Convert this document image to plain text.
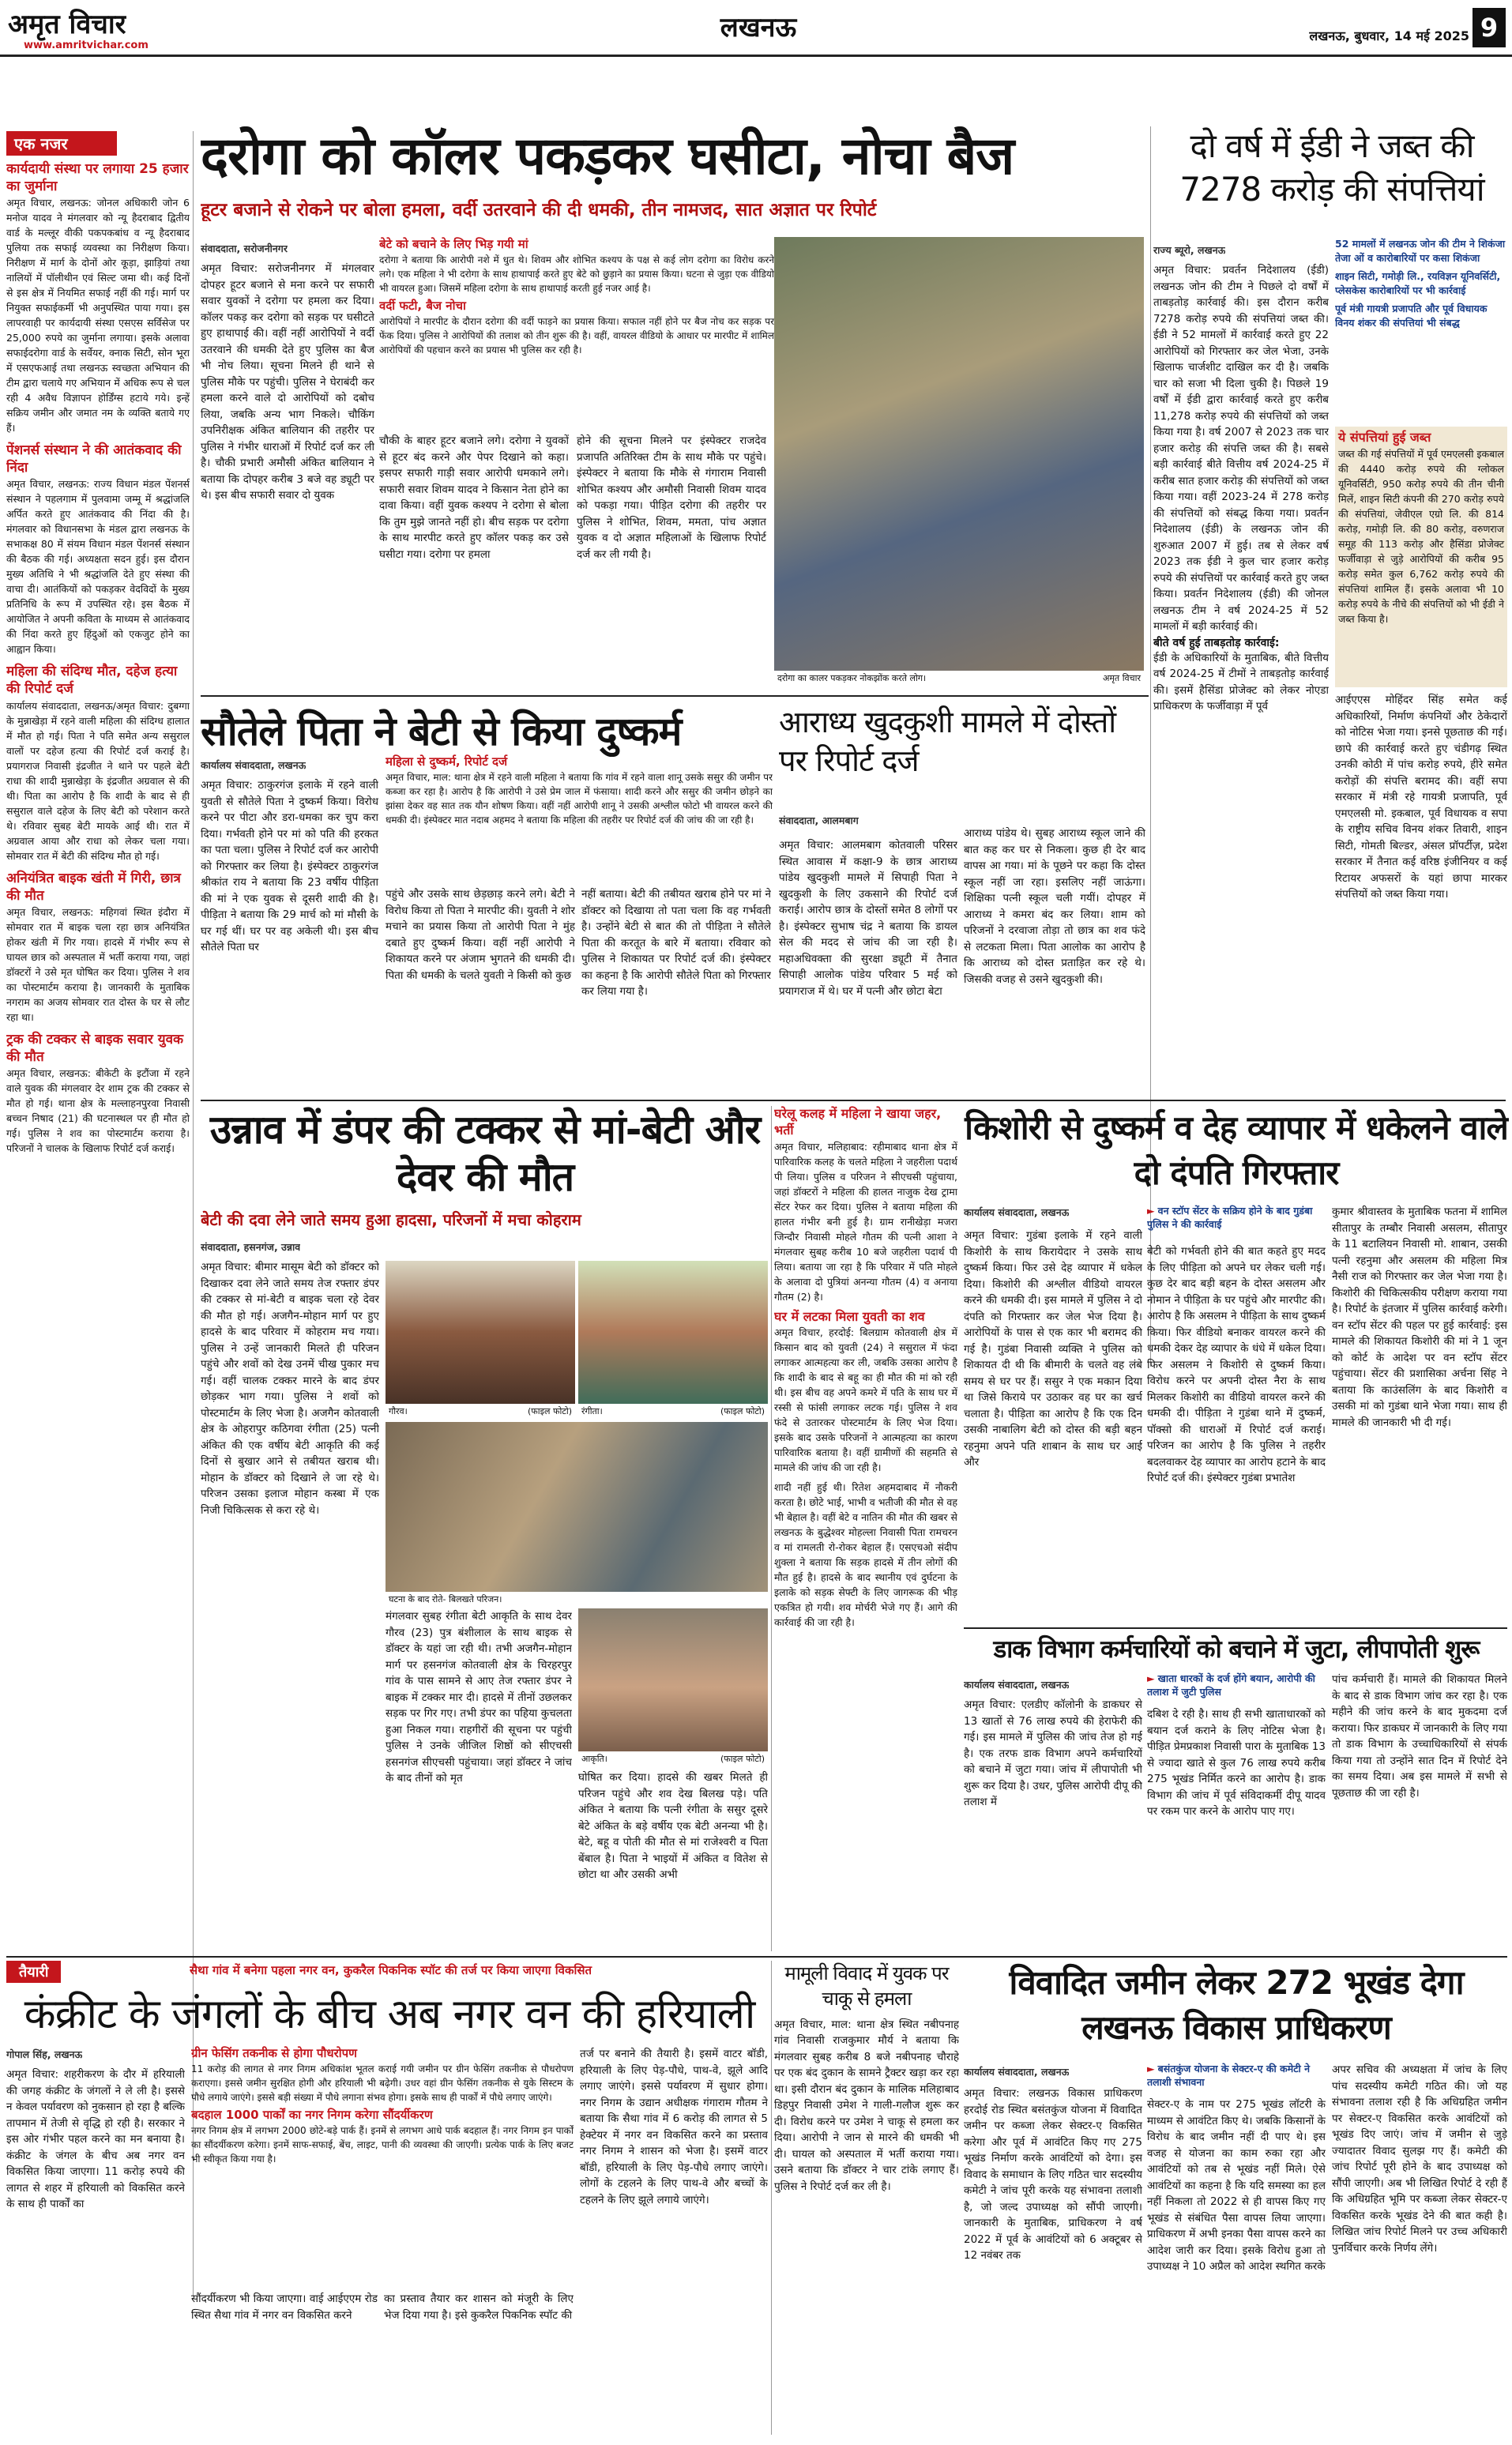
अमृत विचार
www.amritvichar.com
लखनऊ	लखनऊ, बुधवार, 14 मई 2025 9
एक नजर
कार्यदायी संस्था पर लगाया 25 हजार का जुर्माना
अमृत विचार, लखनऊ: जोनल अधिकारी जोन 6 मनोज यादव ने मंगलवार को न्यू हैदराबाद द्वितीय वार्ड के मल्लूर वीकी पकपकबांध व न्यू हैदराबाद पुलिया तक सफाई व्यवस्था का निरीक्षण किया। निरीक्षण में मार्ग के दोनों ओर कूड़ा, झाड़ियां तथा नालियों में पॉलीथीन एवं सिल्ट जमा थी। कई दिनों से इस क्षेत्र में नियमित सफाई नहीं की गई। मार्ग पर नियुक्त सफाईकर्मी भी अनुपस्थित पाया गया। इस लापरवाही पर कार्यदायी संस्था एसएस सर्विसेज पर 25,000 रुपये का जुर्माना लगाया। इसके अलावा सफाईदरोगा वार्ड के सर्वेयर, क्नाक सिटी, सोन भूरा में एसएफआई तथा लखनऊ स्वच्छता अभियान की टीम द्वारा चलाये गए अभियान में अधिक रूप से चल रही 4 अवैध विज्ञापन होर्डिंग्स हटाये गये। इन्हें सक्रिय जमीन और जमात नम के व्यक्ति बताये गए हैं।
पेंशनर्स संस्थान ने की आतंकवाद की निंदा
अमृत विचार, लखनऊ: राज्य विधान मंडल पेंशनर्स संस्थान ने पहलगाम में पुलवामा जम्मू में श्रद्धांजलि अर्पित करते हुए आतंकवाद की निंदा की है। मंगलवार को विधानसभा के मंडल द्वारा लखनऊ के सभाकक्ष 80 में संयम विधान मंडल पेंशनर्स संस्थान की बैठक की गई। अध्यक्षता सदन हुई। इस दौरान मुख्य अतिथि ने भी श्रद्धांजलि देते हुए संस्था की वाचा दी। आतंकियों को पकड़कर वेदविदों के मुख्य प्रतिनिधि के रूप में उपस्थित रहे। इस बैठक में आयोजित ने अपनी कविता के माध्यम से आतंकवाद की निंदा करते हुए हिंदुओं को एकजुट होने का आह्वान किया।
महिला की संदिग्ध मौत, दहेज हत्या की रिपोर्ट दर्ज
कार्यालय संवाददाता, लखनऊ/अमृत विचार: दुबग्गा के मुन्नाखेड़ा में रहने वाली महिला की संदिग्ध हालात में मौत हो गई। पिता ने पति समेत अन्य ससुराल वालों पर दहेज हत्या की रिपोर्ट दर्ज कराई है। प्रयागराज निवासी इंद्रजीत ने थाने पर पहले बेटी राधा की शादी मुन्नाखेड़ा के इंद्रजीत अग्रवाल से की थी। पिता का आरोप है कि शादी के बाद से ही ससुराल वाले दहेज के लिए बेटी को परेशान करते थे। रविवार सुबह बेटी मायके आई थी। रात में अग्रवाल आया और राधा को लेकर चला गया। सोमवार रात में बेटी की संदिग्ध मौत हो गई।
अनियंत्रित बाइक खंती में गिरी, छात्र की मौत
अमृत विचार, लखनऊ: महिगवां स्थित इंदौरा में सोमवार रात में बाइक चला रहा छात्र अनियंत्रित होकर खंती में गिर गया। हादसे में गंभीर रूप से घायल छात्र को अस्पताल में भर्ती कराया गया, जहां डॉक्टरों ने उसे मृत घोषित कर दिया। पुलिस ने शव का पोस्टमार्टम कराया है। जानकारी के मुताबिक नगराम का अजय सोमवार रात दोस्त के घर से लौट रहा था।
ट्रक की टक्कर से बाइक सवार युवक की मौत
अमृत विचार, लखनऊ: बीकेटी के इटौंजा में रहने वाले युवक की मंगलवार देर शाम ट्रक की टक्कर से मौत हो गई। थाना क्षेत्र के मल्लाहनपुरवा निवासी बच्चन निषाद (21) की घटनास्थल पर ही मौत हो गई। पुलिस ने शव का पोस्टमार्टम कराया है। परिजनों ने चालक के खिलाफ रिपोर्ट दर्ज कराई।
दरोगा को कॉलर पकड़कर घसीटा, नोचा बैज
हूटर बजाने से रोकने पर बोला हमला, वर्दी उतरवाने की दी धमकी, तीन नामजद, सात अज्ञात पर रिपोर्ट
संवाददाता, सरोजनीनगर	बेटे को बचाने के लिए भिड़ गयी मां
दरोगा ने बताया कि आरोपी नशे में धुत थे। शिवम और शोभित कश्यप के पक्ष से कई लोग दरोगा का विरोध करने लगे। एक महिला ने भी दरोगा के साथ हाथापाई करते हुए बेटे को छुड़ाने का प्रयास किया। घटना से जुड़ा एक वीडियो भी वायरल हुआ। जिसमें महिला दरोगा के साथ हाथापाई करती हुई नजर आई है।
वर्दी फटी, बैज नोचा
आरोपियों ने मारपीट के दौरान दरोगा की वर्दी फाड़ने का प्रयास किया। सफाल नहीं होने पर बैज नोच कर सड़क पर फेंक दिया। पुलिस ने आरोपियों की तलाश को तीन शुरू की है। वहीं, वायरल वीडियो के आधार पर मारपीट में शामिल आरोपियों की पहचान करने का प्रयास भी पुलिस कर रही है।
अमृत विचार: सरोजनीनगर में मंगलवार दोपहर हूटर बजाने से मना करने पर सफारी सवार युवकों ने दरोगा पर हमला कर दिया। कॉलर पकड़ कर दरोगा को सड़क पर घसीटते हुए हाथापाई की। वहीं नहीं आरोपियों ने वर्दी उतरवाने की धमकी देते हुए पुलिस का बैज भी नोच लिया। सूचना मिलने ही थाने से पुलिस मौके पर पहुंची। पुलिस ने घेराबंदी कर हमला करने वाले दो आरोपियों को दबोच लिया, जबकि अन्य भाग निकले। चौकिंग उपनिरीक्षक अंकित बालियान की तहरीर पर पुलिस ने गंभीर धाराओं में रिपोर्ट दर्ज कर ली है। चौकी प्रभारी अमौसी अंकित बालियान ने बताया कि दोपहर करीब 3 बजे वह ड्यूटी पर थे। इस बीच सफारी सवार दो युवक
चौकी के बाहर हूटर बजाने लगे। दरोगा ने युवकों से हूटर बंद करने और पेपर दिखाने को कहा। इसपर सफारी गाड़ी सवार आरोपी धमकाने लगे। सफारी सवार शिवम यादव ने किसान नेता होने का दावा किया। वहीं युवक कश्यप ने दरोगा से बोला कि तुम मुझे जानते नहीं हो। बीच सड़क पर दरोगा के साथ मारपीट करते हुए कॉलर पकड़ कर उसे घसीटा गया। दरोगा पर हमला
होने की सूचना मिलने पर इंस्पेक्टर राजदेव प्रजापति अतिरिक्त टीम के साथ मौके पर पहुंचे। इंस्पेक्टर ने बताया कि मौके से गंगाराम निवासी शोभित कश्यप और अमौसी निवासी शिवम यादव को पकड़ा गया। पीड़ित दरोगा की तहरीर पर पुलिस ने शोभित, शिवम, ममता, पांच अज्ञात युवक व दो अज्ञात महिलाओं के खिलाफ रिपोर्ट दर्ज कर ली गयी है।
दरोगा का कालर पकड़कर नोकझोंक करते लोग।	अमृत विचार
दो वर्ष में ईडी ने जब्त की 7278 करोड़ की संपत्तियां
राज्य ब्यूरो, लखनऊ
52 मामलों में लखनऊ जोन की टीम ने शिकंजा तेजा ओं व कारोबारियों पर कसा शिकंजा
शाइन सिटी, गमोड़ी लि., रयविज्ञन यूनिवर्सिटी, प्लेसकेस कारोबारियों पर भी कार्रवाई
पूर्व मंत्री गायत्री प्रजापति और पूर्व विधायक विनय शंकर की संपत्तियां भी संबद्ध
अमृत विचार: प्रवर्तन निदेशालय (ईडी) लखनऊ जोन की टीम ने पिछले दो वर्षों में ताबड़तोड़ कार्रवाई की। इस दौरान करीब 7278 करोड़ रुपये की संपत्तियां जब्त की। ईडी ने 52 मामलों में कार्रवाई करते हुए 22 आरोपियों को गिरफ्तार कर जेल भेजा, उनके खिलाफ चार्जशीट दाखिल कर दी है। जबकि चार को सजा भी दिला चुकी है। पिछले 19 वर्षों में ईडी द्वारा कार्रवाई करते हुए करीब 11,278 करोड़ रुपये की संपत्तियों को जब्त किया गया है। वर्ष 2007 से 2023 तक चार हजार करोड़ की संपत्ति जब्त की है। सबसे बड़ी कार्रवाई बीते वित्तीय वर्ष 2024-25 में करीब सात हजार करोड़ की संपत्तियों को जब्त किया गया। वहीं 2023-24 में 278 करोड़ की संपत्तियों को संबद्ध किया गया। प्रवर्तन निदेशालय (ईडी) के लखनऊ जोन की शुरुआत 2007 में हुई। तब से लेकर वर्ष 2023 तक ईडी ने कुल चार हजार करोड़ रुपये की संपत्तियों पर कार्रवाई करते हुए जब्त किया। प्रवर्तन निदेशालय (ईडी) की जोनल लखनऊ टीम ने वर्ष 2024-25 में 52 मामलों में बड़ी कार्रवाई की।
बीते वर्ष हुई ताबड़तोड़ कार्रवाई:
ईडी के अधिकारियों के मुताबिक, बीते वित्तीय वर्ष 2024-25 में टीमों ने ताबड़तोड़ कार्रवाई की। इसमें हैसिंडा प्रोजेक्ट को लेकर नोएडा प्राधिकरण के फर्जीवाड़ा में पूर्व
ये संपत्तियां हुई जब्त
जब्त की गई संपत्तियों में पूर्व एमएलसी इकबाल की 4440 करोड़ रुपये की ग्लोकल यूनिवर्सिटी, 950 करोड़ रुपये की तीन चीनी मिलें, शाइन सिटी कंपनी की 270 करोड़ रुपये की संपत्तियां, जेवीएल एग्रो लि. की 814 करोड़, गमोड़ी लि. की 80 करोड़, वरुणराज समूह की 113 करोड़ और हैसिंडा प्रोजेक्ट फर्जीवाड़ा से जुड़े आरोपियों की करीब 95 करोड़ समेत कुल 6,762 करोड़ रुपये की संपत्तियां शामिल हैं। इसके अलावा भी 10 करोड़ रुपये के नीचे की संपत्तियों को भी ईडी ने जब्त किया है।
आईएएस मोहिंदर सिंह समेत कई अधिकारियों, निर्माण कंपनियों और ठेकेदारों को नोटिस भेजा गया। इनसे पूछताछ की गई। छापे की कार्रवाई करते हुए चंडीगढ़ स्थित उनकी कोठी में पांच करोड़ रुपये, हीरे समेत करोड़ों की संपत्ति बरामद की। वहीं सपा सरकार में मंत्री रहे गायत्री प्रजापति, पूर्व एमएलसी मो. इकबाल, पूर्व विधायक व सपा के राष्ट्रीय सचिव विनय शंकर तिवारी, शाइन सिटी, गोमती बिल्डर, अंसल प्रॉपर्टीज़, प्रदेश सरकार में तैनात कई वरिष्ठ इंजीनियर व कई रिटायर अफसरों के यहां छापा मारकर संपत्तियों को जब्त किया गया।
सौतेले पिता ने बेटी से किया दुष्कर्म
कार्यालय संवाददाता, लखनऊ	महिला से दुष्कर्म, रिपोर्ट दर्ज
अमृत विचार, माल: थाना क्षेत्र में रहने वाली महिला ने बताया कि गांव में रहने वाला शानू उसके ससुर की जमीन पर कब्जा कर रहा है। आरोप है कि आरोपी ने उसे प्रेम जाल में फंसाया। शादी करने और ससुर की जमीन छोड़ने का झांसा देकर वह सात तक यौन शोषण किया। वहीं नहीं आरोपी शानू ने उसकी अश्लील फोटो भी वायरल करने की धमकी दी। इंस्पेक्टर मात नदाब अहमद ने बताया कि महिला की तहरीर पर रिपोर्ट दर्ज की जांच की जा रही है।
अमृत विचार: ठाकुरगंज इलाके में रहने वाली युवती से सौतेले पिता ने दुष्कर्म किया। विरोध करने पर पीटा और डरा-धमका कर चुप करा दिया। गर्भवती होने पर मां को पति की हरकत का पता चला। पुलिस ने रिपोर्ट दर्ज कर आरोपी को गिरफ्तार कर लिया है। इंस्पेक्टर ठाकुरगंज श्रीकांत राय ने बताया कि 23 वर्षीय पीड़िता की मां ने एक युवक से दूसरी शादी की है। पीड़िता ने बताया कि 29 मार्च को मां मौसी के घर गई थीं। घर पर वह अकेली थी। इस बीच सौतेले पिता घर
पहुंचे और उसके साथ छेड़छाड़ करने लगे। बेटी ने विरोध किया तो पिता ने मारपीट की। युवती ने शोर मचाने का प्रयास किया तो आरोपी पिता ने मुंह दबाते हुए दुष्कर्म किया। वहीं नहीं आरोपी ने शिकायत करने पर अंजाम भुगतने की धमकी दी। पिता की धमकी के चलते युवती ने किसी को कुछ
नहीं बताया। बेटी की तबीयत खराब होने पर मां ने डॉक्टर को दिखाया तो पता चला कि वह गर्भवती है। उन्होंने बेटी से बात की तो पीड़िता ने सौतेले पिता की करतूत के बारे में बताया। रविवार को पुलिस ने शिकायत पर रिपोर्ट दर्ज की। इंस्पेक्टर का कहना है कि आरोपी सौतेले पिता को गिरफ्तार कर लिया गया है।
आराध्य खुदकुशी मामले में दोस्तों पर रिपोर्ट दर्ज
संवाददाता, आलमबाग
अमृत विचार: आलमबाग कोतवाली परिसर स्थित आवास में कक्षा-9 के छात्र आराध्य पांडेय खुदकुशी मामले में सिपाही पिता ने खुदकुशी के लिए उकसाने की रिपोर्ट दर्ज कराई। आरोप छात्र के दोस्तों समेत 8 लोगों पर है। इंस्पेक्टर सुभाष चंद्र ने बताया कि डायल सेल की मदद से जांच की जा रही है। महाअधिवक्ता की सुरक्षा ड्यूटी में तैनात सिपाही आलोक पांडेय परिवार 5 मई को प्रयागराज में थे। घर में पत्नी और छोटा बेटा
आराध्य पांडेय थे। सुबह आराध्य स्कूल जाने की बात कह कर घर से निकला। कुछ ही देर बाद वापस आ गया। मां के पूछने पर कहा कि दोस्त स्कूल नहीं जा रहा। इसलिए नहीं जाऊंगा। शिक्षिका पत्नी स्कूल चली गयीं। दोपहर में आराध्य ने कमरा बंद कर लिया। शाम को परिजनों ने दरवाजा तोड़ा तो छात्र का शव फंदे से लटकता मिला। पिता आलोक का आरोप है कि आराध्य को दोस्त प्रताड़ित कर रहे थे। जिसकी वजह से उसने खुदकुशी की।
उन्नाव में डंपर की टक्कर से मां-बेटी और देवर की मौत
बेटी की दवा लेने जाते समय हुआ हादसा, परिजनों में मचा कोहराम
संवाददाता, हसनगंज, उन्नाव
अमृत विचार: बीमार मासूम बेटी को डॉक्टर को दिखाकर दवा लेने जाते समय तेज रफ्तार डंपर की टक्कर से मां-बेटी व बाइक चला रहे देवर की मौत हो गई। अजगैन-मोहान मार्ग पर हुए हादसे के बाद परिवार में कोहराम मच गया। पुलिस ने उन्हें जानकारी मिलते ही परिजन पहुंचे और शवों को देख उनमें चीख पुकार मच गई। वहीं चालक टक्कर मारने के बाद डंपर छोड़कर भाग गया। पुलिस ने शवों को पोस्टमार्टम के लिए भेजा है। अजगैन कोतवाली क्षेत्र के ओहरापुर कठिगवा रंगीता (25) पत्नी अंकित की एक वर्षीय बेटी आकृति की कई दिनों से बुखार आने से तबीयत खराब थी। मोहान के डॉक्टर को दिखाने ले जा रहे थे। परिजन उसका इलाज मोहान कस्बा में एक निजी चिकित्सक से करा रहे थे।
गौरव।	(फाइल फोटो) रंगीता।	(फाइल फोटो)
घटना के बाद रोते- बिलखते परिजन।
मंगलवार सुबह रंगीता बेटी आकृति के साथ देवर गौरव (23) पुत्र बंशीलाल के साथ बाइक से डॉक्टर के यहां जा रही थी। तभी अजगैन-मोहान मार्ग पर हसनगंज कोतवाली क्षेत्र के चिरहरपुर गांव के पास सामने से आए तेज रफ्तार डंपर ने बाइक में टक्कर मार दी। हादसे में तीनों उछलकर सड़क पर गिर गए। तभी डंपर का पहिया कुचलता हुआ निकल गया। राहगीरों की सूचना पर पहुंची पुलिस ने उनके जीजिल शिष्ठों को सीएचसी हसनगंज सीएचसी पहुंचाया। जहां डॉक्टर ने जांच के बाद तीनों को मृत
आकृति।	(फाइल फोटो)
घोषित कर दिया। हादसे की खबर मिलते ही परिजन पहुंचे और शव देख बिलख पड़े। पति अंकित ने बताया कि पत्नी रंगीता के ससुर दूसरे बेटे अंकित के बड़े वर्षीय एक बेटी अनन्या भी है। बेटे, बहू व पोती की मौत से मां राजेश्वरी व पिता बेंबाल है। पिता ने भाइयों में अंकित व वितेश से छोटा था और उसकी अभी
घरेलू कलह में महिला ने खाया जहर, भर्ती
अमृत विचार, मलिहाबाद: रहीमाबाद थाना क्षेत्र में पारिवारिक कलह के चलते महिला ने जहरीला पदार्थ पी लिया। पुलिस व परिजन ने सीएचसी पहुंचाया, जहां डॉक्टरों ने महिला की हालत नाजुक देख ट्रामा सेंटर रेफर कर दिया। पुलिस ने बताया महिला की हालत गंभीर बनी हुई है। ग्राम रानीखेड़ा मजरा जिन्दौर निवासी मोहले गौतम की पत्नी आशा ने मंगलवार सुबह करीब 10 बजे जहरीला पदार्थ पी लिया। बताया जा रहा है कि परिवार में पति मोहले के अलावा दो पुत्रियां अनन्या गौतम (4) व अनाया गौतम (2) है।
घर में लटका मिला युवती का शव
अमृत विचार, हरदोई: बिलग्राम कोतवाली क्षेत्र में किसान बाद को युवती (24) ने ससुराल में फंदा लगाकर आत्महत्या कर ली, जबकि उसका आरोप है कि शादी के बाद से बहू का ही मौत की मां को रही थी। इस बीच वह अपने कमरे में पति के साथ घर में रस्सी से फांसी लगाकर लटक गई। पुलिस ने शव फंदे से उतारकर पोस्टमार्टम के लिए भेज दिया। इसके बाद उसके परिजनों ने आत्महत्या का कारण पारिवारिक बताया है। वहीं ग्रामीणों की सहमति से मामले की जांच की जा रही है।
शादी नहीं हुई थी। रितेश अहमदाबाद में नौकरी करता है। छोटे भाई, भाभी व भतीजी की मौत से वह भी बेहाल है। वहीं बेटे व नातिन की मौत की खबर से लखनऊ के बुद्धेश्वर मोहल्ला निवासी पिता रामचरन व मां रामलती रो-रोकर बेहाल हैं। एसएचओ संदीप शुक्ला ने बताया कि सड़क हादसे में तीन लोगों की मौत हुई है। हादसे के बाद स्थानीय एवं दुर्घटना के इलाके को सड़क सेफ्टी के लिए जागरूक की भीड़ एकत्रित हो गयी। शव मोर्चरी भेजे गए हैं। आगे की कार्रवाई की जा रही है।
किशोरी से दुष्कर्म व देह व्यापार में धकेलने वाले दो दंपति गिरफ्तार
कार्यालय संवाददाता, लखनऊ	► वन स्टॉप सेंटर के सक्रिय होने के बाद गुडंबा पुलिस ने की कार्रवाई
अमृत विचार: गुडंबा इलाके में रहने वाली किशोरी के साथ किरायेदार ने उसके साथ दुष्कर्म किया। फिर उसे देह व्यापार में धकेल दिया। किशोरी की अश्लील वीडियो वायरल करने की धमकी दी। इस मामले में पुलिस ने दो दंपति को गिरफ्तार कर जेल भेज दिया है। आरोपियों के पास से एक कार भी बरामद की गई है। गुडंबा निवासी व्यक्ति ने पुलिस को शिकायत दी थी कि बीमारी के चलते वह लंबे समय से घर पर हैं। ससुर ने एक मकान दिया था जिसे किराये पर उठाकर वह घर का खर्च चलाता है। पीड़िता का आरोप है कि एक दिन उसकी नाबालिग बेटी को दोस्त की बड़ी बहन रहनुमा अपने पति शाबान के साथ घर आई और
बेटी को गर्भवती होने की बात कहते हुए मदद के लिए पीड़िता को अपने घर लेकर चली गई। कुछ देर बाद बड़ी बहन के दोस्त असलम और नोमान ने पीड़िता के घर पहुंचे और मारपीट की। आरोप है कि असलम ने पीड़िता के साथ दुष्कर्म किया। फिर वीडियो बनाकर वायरल करने की धमकी देकर देह व्यापार के धंधे में धकेल दिया। फिर असलम ने किशोरी से दुष्कर्म किया। विरोध करने पर अपनी दोस्त नैरा के साथ मिलकर किशोरी का वीडियो वायरल करने की धमकी दी। पीड़िता ने गुडंबा थाने में दुष्कर्म, पॉक्सो की धाराओं में रिपोर्ट दर्ज कराई। परिजन का आरोप है कि पुलिस ने तहरीर बदलवाकर देह व्यापार का आरोप हटाने के बाद रिपोर्ट दर्ज की। इंस्पेक्टर गुडंबा प्रभातेश
कुमार श्रीवास्तव के मुताबिक फतना में शामिल सीतापुर के तम्बौर निवासी असलम, सीतापुर के 11 बटालियन निवासी मो. शाबान, उसकी पत्नी रहनुमा और असलम की महिला मित्र नैसी राज को गिरफ्तार कर जेल भेजा गया है। किशोरी की चिकित्सकीय परीक्षण कराया गया है। रिपोर्ट के इंतजार में पुलिस कार्रवाई करेगी। वन स्टॉप सेंटर की पहल पर हुई कार्रवाई: इस मामले की शिकायत किशोरी की मां ने 1 जून को कोर्ट के आदेश पर वन स्टॉप सेंटर पहुंचाया। सेंटर की प्रशासिका अर्चना सिंह ने बताया कि काउंसलिंग के बाद किशोरी व उसकी मां को गुडंबा थाने भेजा गया। साथ ही मामले की जानकारी भी दी गई।
डाक विभाग कर्मचारियों को बचाने में जुटा, लीपापोती शुरू
कार्यालय संवाददाता, लखनऊ
अमृत विचार: एलडीए कॉलोनी के डाकघर से 13 खातों से 76 लाख रुपये की हेराफेरी की गई। इस मामले में पुलिस की जांच तेज हो गई है। एक तरफ डाक विभाग अपने कर्मचारियों को बचाने में जुटा गया। जांच में लीपापोती भी शुरू कर दिया है। उधर, पुलिस आरोपी दीपू की तलाश में
► खाता धारकों के दर्ज होंगे बयान, आरोपी की तलाश में जुटी पुलिस
दबिश दे रही है। साथ ही सभी खाताधारकों को बयान दर्ज कराने के लिए नोटिस भेजा है। पीड़ित प्रेमप्रकाश निवासी पारा के मुताबिक 13 से ज्यादा खाते से कुल 76 लाख रुपये करीब 275 भूखंड निर्मित करने का आरोप है। डाक विभाग की जांच में पूर्व संविदाकर्मी दीपू यादव पर रकम पार करने के आरोप पाए गए।
पांच कर्मचारी हैं। मामले की शिकायत मिलने के बाद से डाक विभाग जांच कर रहा है। एक महीने की जांच करने के बाद मुकदमा दर्ज कराया। फिर डाकघर में जानकारी के लिए गया तो डाक विभाग के उच्चाधिकारियों से संपर्क किया गया तो उन्होंने सात दिन में रिपोर्ट देने का समय दिया। अब इस मामले में सभी से पूछताछ की जा रही है।
तैयारी	सैथा गांव में बनेगा पहला नगर वन, कुकरैल पिकनिक स्पॉट की तर्ज पर किया जाएगा विकसित
कंक्रीट के जंगलों के बीच अब नगर वन की हरियाली
गोपाल सिंह, लखनऊ
अमृत विचार: शहरीकरण के दौर में हरियाली की जगह कंक्रीट के जंगलों ने ले ली है। इससे न केवल पर्यावरण को नुकसान हो रहा है बल्कि तापमान में तेजी से वृद्धि हो रही है। सरकार ने इस ओर गंभीर पहल करने का मन बनाया है। कंक्रीट के जंगल के बीच अब नगर वन विकसित किया जाएगा। 11 करोड़ रुपये की लागत से शहर में हरियाली को विकसित करने के साथ ही पार्कों का
ग्रीन फेसिंग तकनीक से होगा पौधरोपण
11 करोड़ की लागत से नगर निगम अधिकांश भूतल कराई गयी जमीन पर ग्रीन फेसिंग तकनीक से पौधरोपण कराएगा। इससे जमीन सुरक्षित होगी और हरियाली भी बढ़ेगी। उधर वहां ग्रीन फेसिंग तकनीक से युके सिस्टम के पौधे लगाये जाएंगे। इससे बड़ी संख्या में पौधे लगाना संभव होगा। इसके साथ ही पार्कों में पौधे लगाए जाएंगे।
बदहाल 1000 पार्कों का नगर निगम करेगा सौंदर्यीकरण
नगर निगम क्षेत्र में लगभग 2000 छोटे-बड़े पार्क हैं। इनमें से लगभग आधे पार्क बदहाल हैं। नगर निगम इन पार्कों का सौंदर्यीकरण करेगा। इनमें साफ-सफाई, बेंच, लाइट, पानी की व्यवस्था की जाएगी। प्रत्येक पार्क के लिए बजट भी स्वीकृत किया गया है।
सौंदर्यीकरण भी किया जाएगा। वाई आईएएम रोड स्थित सैथा गांव में नगर वन विकसित करने
का प्रस्ताव तैयार कर शासन को मंजूरी के लिए भेज दिया गया है। इसे कुकरैल पिकनिक स्पॉट की
तर्ज पर बनाने की तैयारी है। इसमें वाटर बॉडी, हरियाली के लिए पेड़-पौधे, पाथ-वे, झूले आदि लगाए जाएंगे। इससे पर्यावरण में सुधार होगा। नगर निगम के उद्यान अधीक्षक गंगाराम गौतम ने बताया कि सैथा गांव में 6 करोड़ की लागत से 5 हेक्टेयर में नगर वन विकसित करने का प्रस्ताव नगर निगम ने शासन को भेजा है। इसमें वाटर बॉडी, हरियाली के लिए पेड़-पौधे लगाए जाएंगे। लोगों के टहलने के लिए पाथ-वे और बच्चों के टहलने के लिए झूले लगाये जाएंगे।
मामूली विवाद में युवक पर चाकू से हमला
अमृत विचार, माल: थाना क्षेत्र स्थित नबीपनाह गांव निवासी राजकुमार मौर्य ने बताया कि मंगलवार सुबह करीब 8 बजे नबीपनाह चौराहे पर एक बंद दुकान के सामने ट्रैक्टर खड़ा कर रहा था। इसी दौरान बंद दुकान के मालिक मलिहाबाद डिहपुर निवासी उमेश ने गाली-गलौज शुरू कर दी। विरोध करने पर उमेश ने चाकू से हमला कर दिया। आरोपी ने जान से मारने की धमकी भी दी। घायल को अस्पताल में भर्ती कराया गया। उसने बताया कि डॉक्टर ने चार टांके लगाए हैं। पुलिस ने रिपोर्ट दर्ज कर ली है।
विवादित जमीन लेकर 272 भूखंड देगा लखनऊ विकास प्राधिकरण
कार्यालय संवाददाता, लखनऊ	► बसंतकुंज योजना के सेक्टर-ए की कमेटी ने तलाशी संभावना
अमृत विचार: लखनऊ विकास प्राधिकरण हरदोई रोड स्थित बसंतकुंज योजना में विवादित जमीन पर कब्जा लेकर सेक्टर-ए विकसित करेगा और पूर्व में आवंटित किए गए 275 भूखंड निर्माण करके आवंटियों को देगा। इस विवाद के समाधान के लिए गठित चार सदस्यीय कमेटी ने जांच पूरी करके यह संभावना तलाशी है, जो जल्द उपाध्यक्ष को सौंपी जाएगी। जानकारी के मुताबिक, प्राधिकरण ने वर्ष 2022 में पूर्व के आवंटियों को 6 अक्टूबर से 12 नवंबर तक
सेक्टर-ए के नाम पर 275 भूखंड लॉटरी के माध्यम से आवंटित किए थे। जबकि किसानों के विरोध के बाद जमीन नहीं दी पाए थे। इस वजह से योजना का काम रुका रहा और आवंटियों को तब से भूखंड नहीं मिले। ऐसे आवंटियों का कहना है कि यदि समस्या का हल नहीं निकला तो 2022 से ही वापस किए गए भूखंड से संबंधित पैसा वापस लिया जाएगा। प्राधिकरण में अभी इनका पैसा वापस करने का आदेश जारी कर दिया। इसके विरोध हुआ तो उपाध्यक्ष ने 10 अप्रैल को आदेश स्थगित करके
अपर सचिव की अध्यक्षता में जांच के लिए पांच सदस्यीय कमेटी गठित की। जो यह संभावना तलाश रही है कि अधिग्रहित जमीन पर सेक्टर-ए विकसित करके आवंटियों को भूखंड दिए जाएं। जांच में जमीन से जुड़े ज्यादातर विवाद सुलझ गए हैं। कमेटी की जांच रिपोर्ट पूरी होने के बाद उपाध्यक्ष को सौंपी जाएगी। अब भी लिखित रिपोर्ट दे रही हैं कि अधिग्रहित भूमि पर कब्जा लेकर सेक्टर-ए विकसित करके भूखंड देने की बात कही है। लिखित जांच रिपोर्ट मिलने पर उच्च अधिकारी पुनर्विचार करके निर्णय लेंगे।
